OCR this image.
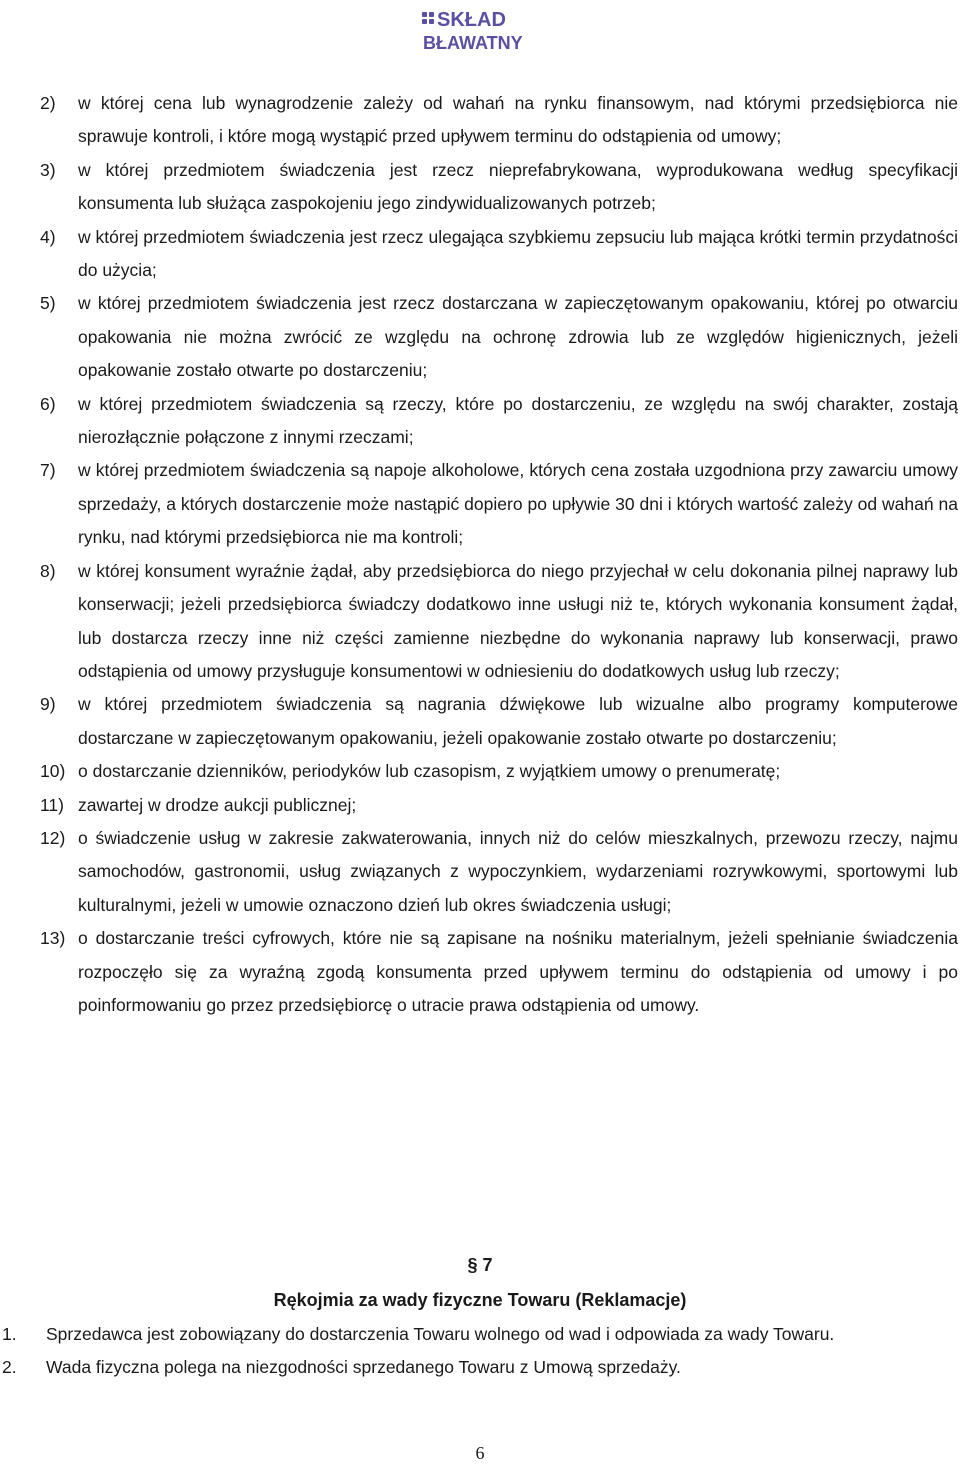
SKŁAD
BŁAWATNY
2)	w której cena lub wynagrodzenie zależy od wahań na rynku finansowym, nad którymi przedsiębiorca nie sprawuje kontroli, i które mogą wystąpić przed upływem terminu do odstąpienia od umowy;
3)	w której przedmiotem świadczenia jest rzecz nieprefabrykowana, wyprodukowana według specyfikacji konsumenta lub służąca zaspokojeniu jego zindywidualizowanych potrzeb;
4)	w której przedmiotem świadczenia jest rzecz ulegająca szybkiemu zepsuciu lub mająca krótki termin przydatności do użycia;
5)	w której przedmiotem świadczenia jest rzecz dostarczana w zapieczętowanym opakowaniu, której po otwarciu opakowania nie można zwrócić ze względu na ochronę zdrowia lub ze względów higienicznych, jeżeli opakowanie zostało otwarte po dostarczeniu;
6)	w której przedmiotem świadczenia są rzeczy, które po dostarczeniu, ze względu na swój charakter, zostają nierozłącznie połączone z innymi rzeczami;
7)	w której przedmiotem świadczenia są napoje alkoholowe, których cena została uzgodniona przy zawarciu umowy sprzedaży, a których dostarczenie może nastąpić dopiero po upływie 30 dni i których wartość zależy od wahań na rynku, nad którymi przedsiębiorca nie ma kontroli;
8)	w której konsument wyraźnie żądał, aby przedsiębiorca do niego przyjechał w celu dokonania pilnej naprawy lub konserwacji; jeżeli przedsiębiorca świadczy dodatkowo inne usługi niż te, których wykonania konsument żądał, lub dostarcza rzeczy inne niż części zamienne niezbędne do wykonania naprawy lub konserwacji, prawo odstąpienia od umowy przysługuje konsumentowi w odniesieniu do dodatkowych usług lub rzeczy;
9)	w której przedmiotem świadczenia są nagrania dźwiękowe lub wizualne albo programy komputerowe dostarczane w zapieczętowanym opakowaniu, jeżeli opakowanie zostało otwarte po dostarczeniu;
10) o dostarczanie dzienników, periodyków lub czasopism, z wyjątkiem umowy o prenumeratę;
11) zawartej w drodze aukcji publicznej;
12) o świadczenie usług w zakresie zakwaterowania, innych niż do celów mieszkalnych, przewozu rzeczy, najmu samochodów, gastronomii, usług związanych z wypoczynkiem, wydarzeniami rozrywkowymi, sportowymi lub kulturalnymi, jeżeli w umowie oznaczono dzień lub okres świadczenia usługi;
13) o dostarczanie treści cyfrowych, które nie są zapisane na nośniku materialnym, jeżeli spełnianie świadczenia rozpoczęło się za wyraźną zgodą konsumenta przed upływem terminu do odstąpienia od umowy i po poinformowaniu go przez przedsiębiorcę o utracie prawa odstąpienia od umowy.
§ 7
Rękojmia za wady fizyczne Towaru (Reklamacje)
1.	Sprzedawca jest zobowiązany do dostarczenia Towaru wolnego od wad i odpowiada za wady Towaru.
2.	Wada fizyczna polega na niezgodności sprzedanego Towaru z Umową sprzedaży.
6
